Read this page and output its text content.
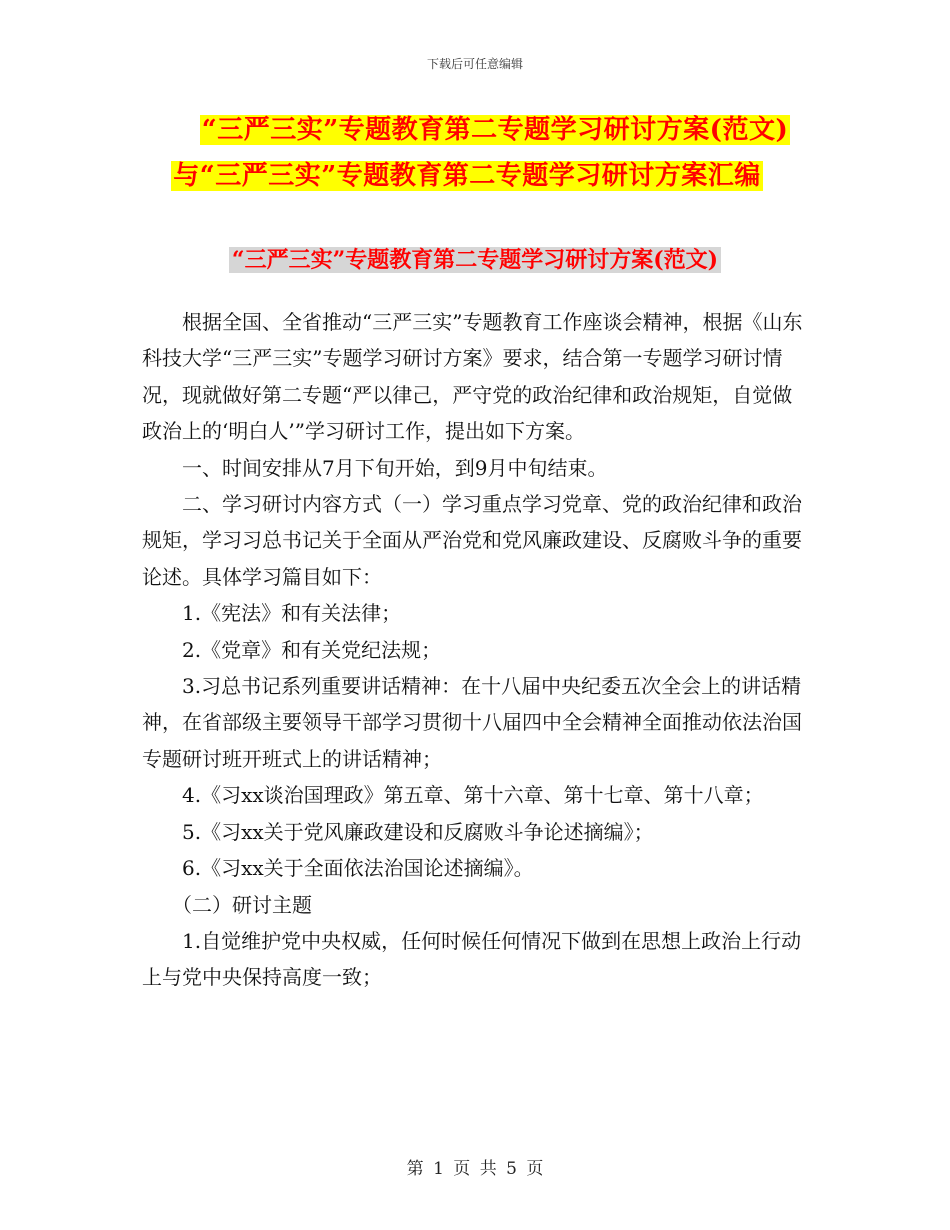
下载后可任意编辑
“三严三实”专题教育第二专题学习研讨方案(范文)
与“三严三实”专题教育第二专题学习研讨方案汇编
“三严三实”专题教育第二专题学习研讨方案(范文)

根据全国、全省推动“三严三实”专题教育工作座谈会精神，根据《山东科技大学“三严三实”专题学习研讨方案》要求，结合第一专题学习研讨情况，现就做好第二专题“严以律己，严守党的政治纪律和政治规矩，自觉做政治上的‘明白人’”学习研讨工作，提出如下方案。

一、时间安排从7月下旬开始，到9月中旬结束。

二、学习研讨内容方式（一）学习重点学习党章、党的政治纪律和政治规矩，学习习总书记关于全面从严治党和党风廉政建设、反腐败斗争的重要论述。具体学习篇目如下：

1.《宪法》和有关法律；

2.《党章》和有关党纪法规；

3.习总书记系列重要讲话精神：在十八届中央纪委五次全会上的讲话精神，在省部级主要领导干部学习贯彻十八届四中全会精神全面推动依法治国专题研讨班开班式上的讲话精神；

4.《习xx谈治国理政》第五章、第十六章、第十七章、第十八章；

5.《习xx关于党风廉政建设和反腐败斗争论述摘编》；

6.《习xx关于全面依法治国论述摘编》。

（二）研讨主题

1.自觉维护党中央权威，任何时候任何情况下做到在思想上政治上行动上与党中央保持高度一致；

第 1 页 共 5 页
